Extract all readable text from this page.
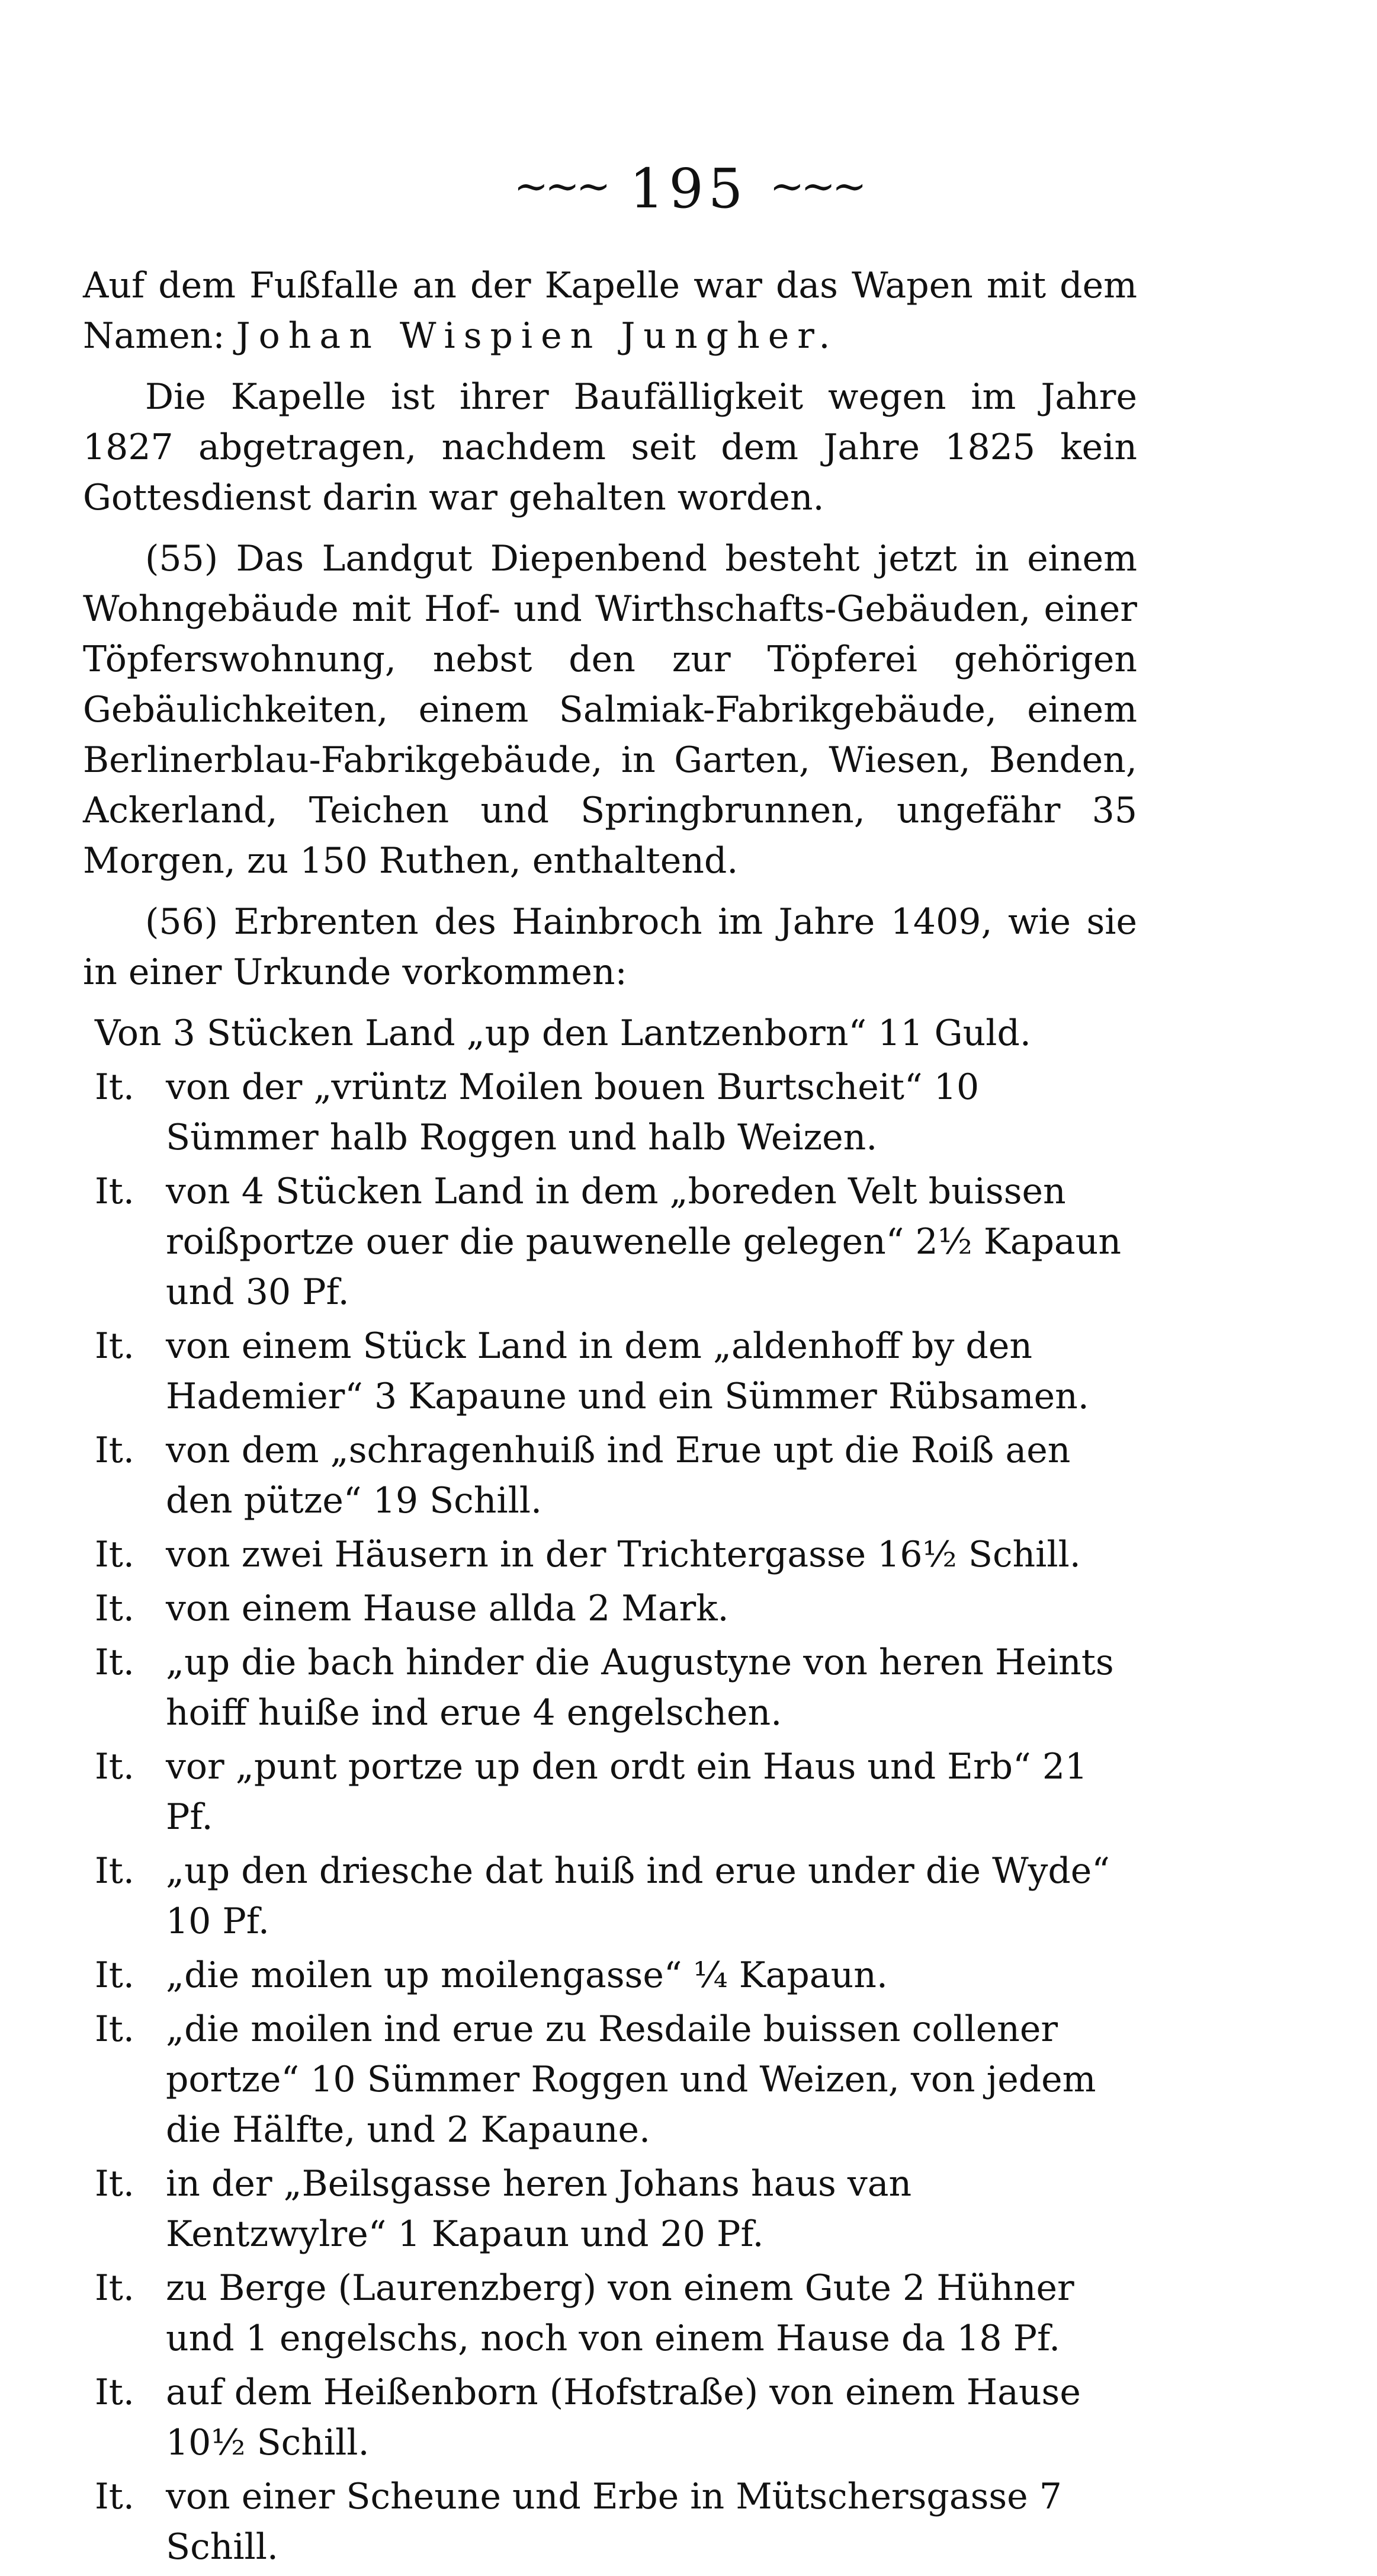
~~~ 195 ~~~

Auf dem Fußfalle an der Kapelle war das Wapen mit dem Namen: Johan Wispien Jungher.

Die Kapelle ist ihrer Baufälligkeit wegen im Jahre 1827 abgetragen, nachdem seit dem Jahre 1825 kein Gottesdienst darin war gehalten worden.

(55) Das Landgut Diepenbend besteht jetzt in einem Wohngebäude mit Hof- und Wirthschafts-Gebäuden, einer Töpferswohnung, nebst den zur Töpferei gehörigen Gebäulichkeiten, einem Salmiak-Fabrikgebäude, einem Berlinerblau-Fabrikgebäude, in Garten, Wiesen, Benden, Ackerland, Teichen und Springbrunnen, ungefähr 35 Morgen, zu 150 Ruthen, enthaltend.

(56) Erbrenten des Hainbroch im Jahre 1409, wie sie in einer Urkunde vorkommen:

Von 3 Stücken Land „up den Lantzenborn“ 11 Guld.
It. von der „vrüntz Moilen bouen Burtscheit“ 10 Sümmer halb Roggen und halb Weizen.
It. von 4 Stücken Land in dem „boreden Velt buissen roißportze ouer die pauwenelle gelegen“ 2½ Kapaun und 30 Pf.
It. von einem Stück Land in dem „aldenhoff by den Hademier“ 3 Kapaune und ein Sümmer Rübsamen.
It. von dem „schragenhuiß ind Erue upt die Roiß aen den pütze“ 19 Schill.
It. von zwei Häusern in der Trichtergasse 16½ Schill.
It. von einem Hause allda 2 Mark.
It. „up die bach hinder die Augustyne von heren Heints hoiff huiße ind erue 4 engelschen.
It. vor „punt portze up den ordt ein Haus und Erb“ 21 Pf.
It. „up den driesche dat huiß ind erue under die Wyde“ 10 Pf.
It. „die moilen up moilengasse“ ¼ Kapaun.
It. „die moilen ind erue zu Resdaile buissen collener portze“ 10 Sümmer Roggen und Weizen, von jedem die Hälfte, und 2 Kapaune.
It. in der „Beilsgasse heren Johans haus van Kentzwylre“ 1 Kapaun und 20 Pf.
It. zu Berge (Laurenzberg) von einem Gute 2 Hühner und 1 engelschs, noch von einem Hause da 18 Pf.
It. auf dem Heißenborn (Hofstraße) von einem Hause 10½ Schill.
It. von einer Scheune und Erbe in Mütschersgasse 7 Schill.
